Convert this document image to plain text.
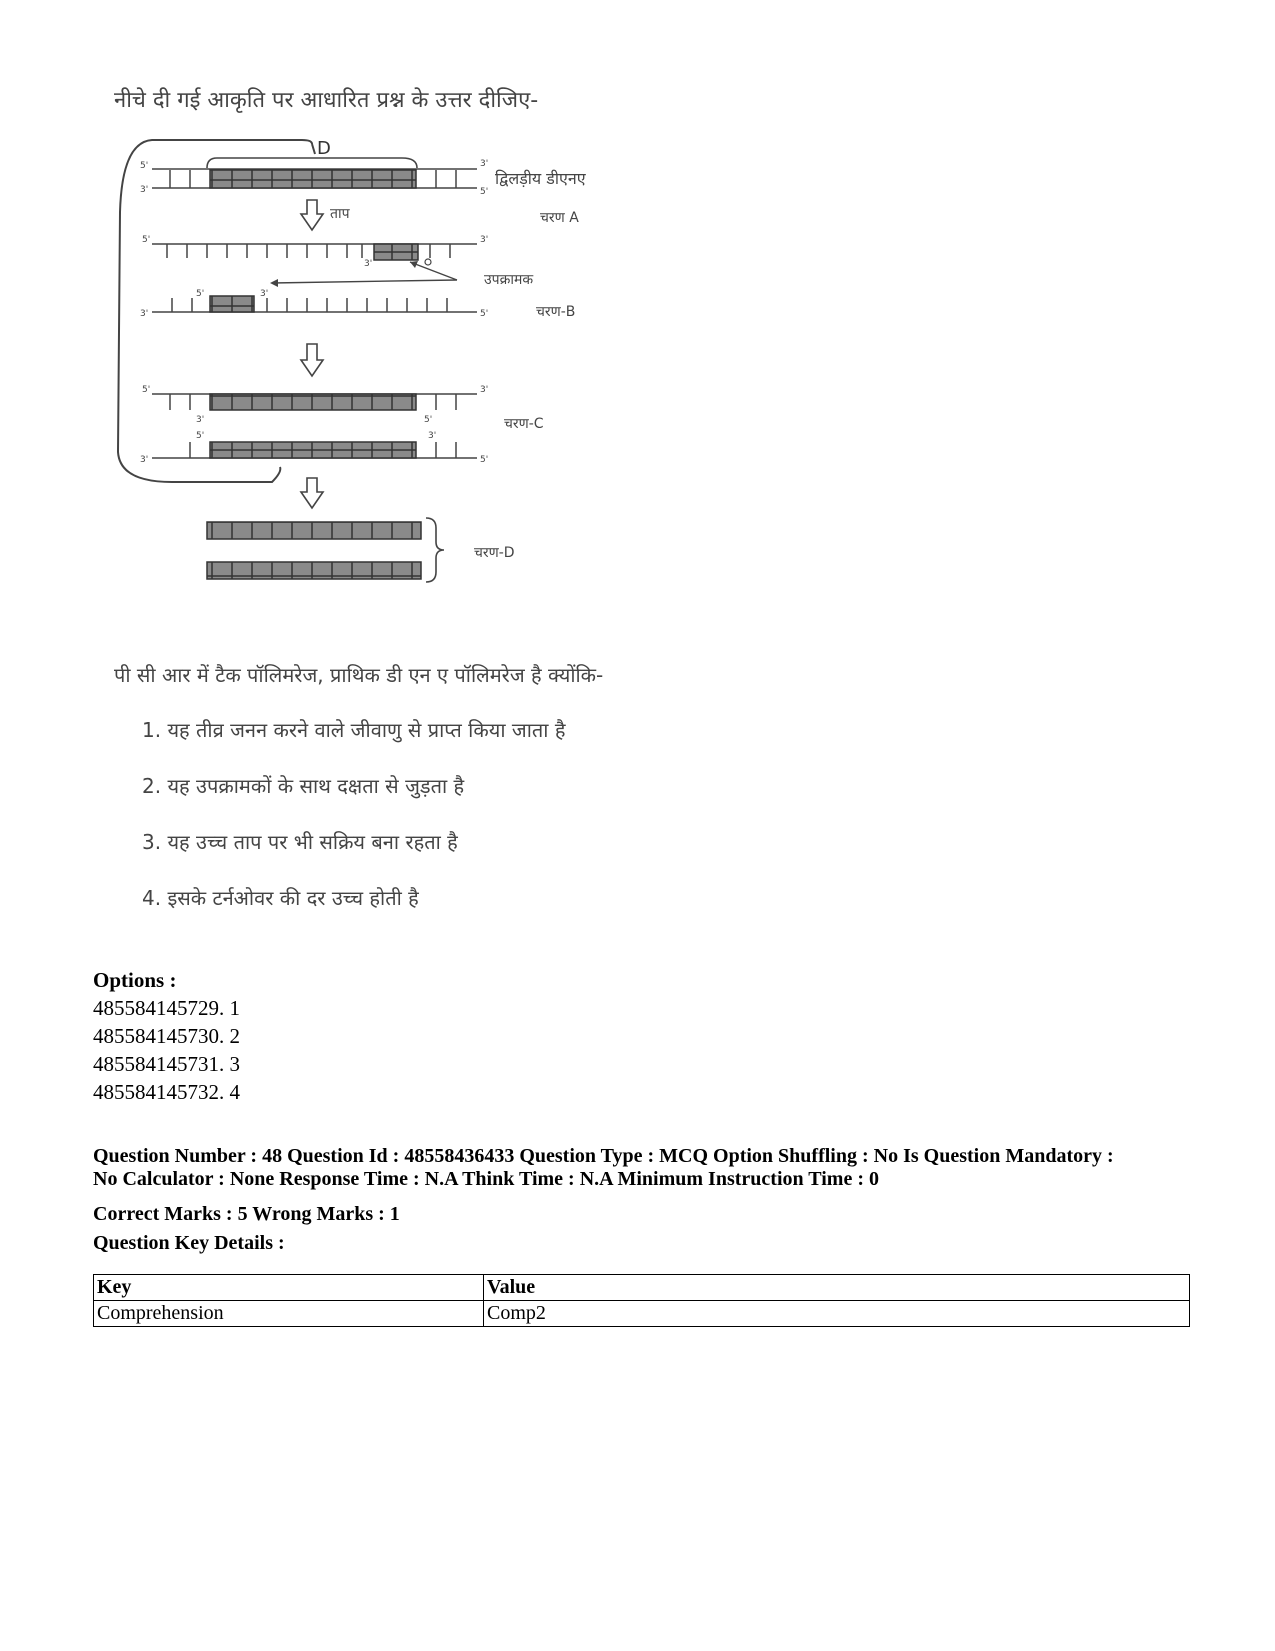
नीचे दी गई आकृति पर आधारित प्रश्न के उत्तर दीजिए-
D
5'
3'
3'
5'
द्विलड़ीय डीएनए
ताप	चरण A
5'	3'
3'
उपक्रामक
3'	5'
5'	3'
चरण-B
5'	3'
3'	5'
5'	3'
3'	5'
चरण-C
चरण-D
पी सी आर में टैक पॉलिमरेज, प्राथिक डी एन ए पॉलिमरेज है क्योंकि-
1. यह तीव्र जनन करने वाले जीवाणु से प्राप्त किया जाता है
2. यह उपक्रामकों के साथ दक्षता से जुड़ता है
3. यह उच्च ताप पर भी सक्रिय बना रहता है
4. इसके टर्नओवर की दर उच्च होती है
Options :
485584145729. 1
485584145730. 2
485584145731. 3
485584145732. 4
Question Number : 48 Question Id : 48558436433 Question Type : MCQ Option Shuffling : No Is Question Mandatory :
No Calculator : None Response Time : N.A Think Time : N.A Minimum Instruction Time : 0
Correct Marks : 5 Wrong Marks : 1
Question Key Details :
Key	Value
Comprehension	Comp2
